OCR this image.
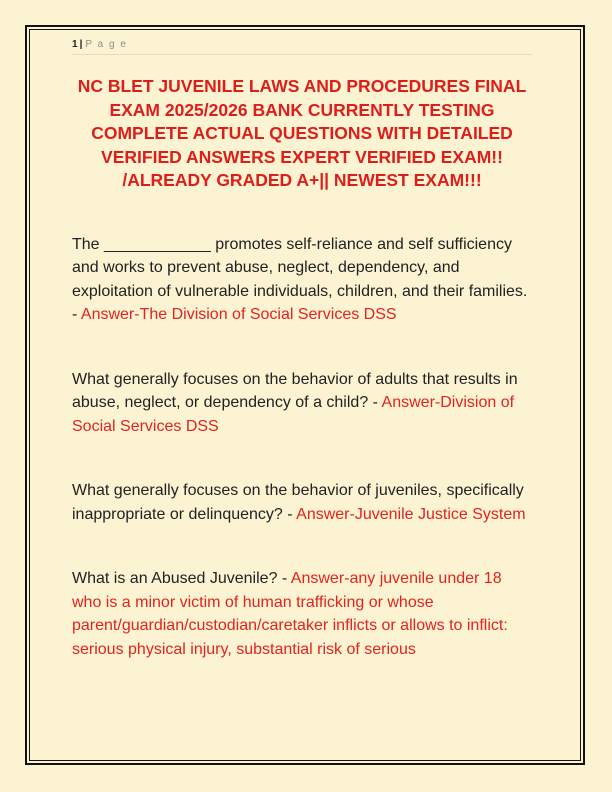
1| P a g e
NC BLET JUVENILE LAWS AND PROCEDURES FINAL EXAM 2025/2026 BANK CURRENTLY TESTING COMPLETE ACTUAL QUESTIONS WITH DETAILED VERIFIED ANSWERS EXPERT VERIFIED EXAM!! /ALREADY GRADED A+|| NEWEST EXAM!!!

The ____________ promotes self-reliance and self sufficiency and works to prevent abuse, neglect, dependency, and exploitation of vulnerable individuals, children, and their families. - Answer-The Division of Social Services DSS

What generally focuses on the behavior of adults that results in abuse, neglect, or dependency of a child? - Answer-Division of Social Services DSS

What generally focuses on the behavior of juveniles, specifically inappropriate or delinquency? - Answer-Juvenile Justice System

What is an Abused Juvenile? - Answer-any juvenile under 18 who is a minor victim of human trafficking or whose parent/guardian/custodian/caretaker inflicts or allows to inflict: serious physical injury, substantial risk of serious
